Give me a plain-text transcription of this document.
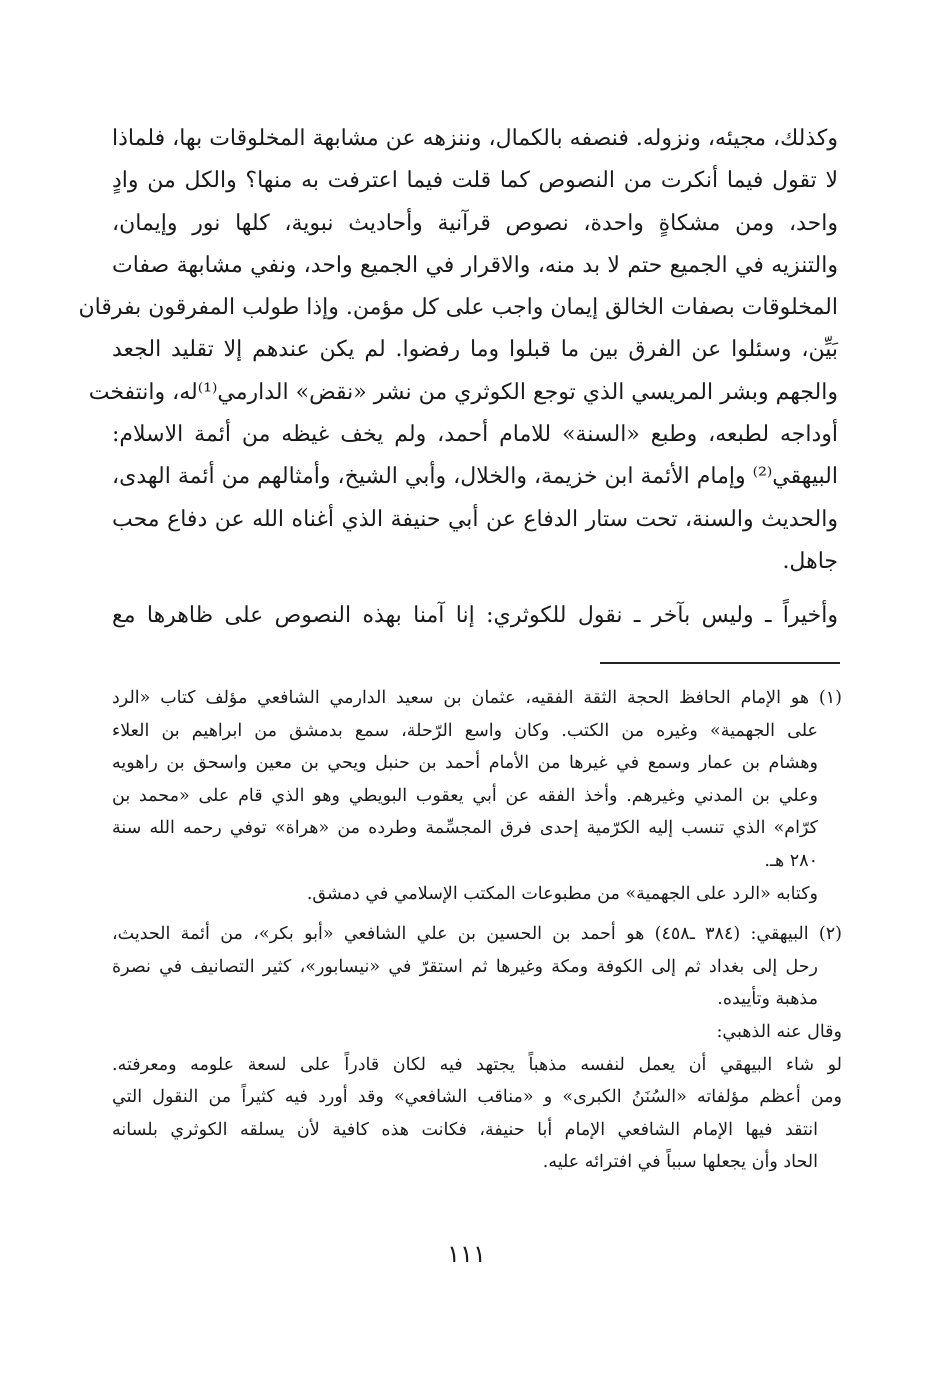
وكذلك، مجيئه، ونزوله. فنصفه بالكمال، وننزهه عن مشابهة المخلوقات بها، فلماذا
لا تقول فيما أنكرت من النصوص كما قلت فيما اعترفت به منها؟ والكل من وادٍ
واحد، ومن مشكاةٍ واحدة، نصوص قرآنية وأحاديث نبوية، كلها نور وإيمان،
والتنزيه في الجميع حتم لا بد منه، والاقرار في الجميع واحد، ونفي مشابهة صفات
المخلوقات بصفات الخالق إيمان واجب على كل مؤمن. وإذا طولب المفرقون بفرقان
بَيِّن، وسئلوا عن الفرق بين ما قبلوا وما رفضوا. لم يكن عندهم إلا تقليد الجعد
والجهم وبشر المريسي الذي توجع الكوثري من نشر «نقض» الدارمي⁽¹⁾له، وانتفخت
أوداجه لطبعه، وطبع «السنة» للامام أحمد، ولم يخف غيظه من أئمة الاسلام:
البيهقي⁽²⁾ وإمام الأئمة ابن خزيمة، والخلال، وأبي الشيخ، وأمثالهم من أئمة الهدى،
والحديث والسنة، تحت ستار الدفاع عن أبي حنيفة الذي أغناه الله عن دفاع محب
جاهل.
وأخيراً ـ وليس بآخر ـ نقول للكوثري: إنا آمنا بهذه النصوص على ظاهرها مع
(١) هو الإمام الحافظ الحجة الثقة الفقيه، عثمان بن سعيد الدارمي الشافعي مؤلف كتاب «الرد
على الجهمية» وغيره من الكتب. وكان واسع الرّحلة، سمع بدمشق من ابراهيم بن العلاء
وهشام بن عمار وسمع في غيرها من الأمام أحمد بن حنبل ويحي بن معين واسحق بن راهويه
وعلي بن المدني وغيرهم. وأخذ الفقه عن أبي يعقوب البويطي وهو الذي قام على «محمد بن
كرّام» الذي تنسب إليه الكرّمية إحدى فرق المجسِّمة وطرده من «هراة» توفي رحمه الله سنة
٢٨٠ هـ.
وكتابه «الرد على الجهمية» من مطبوعات المكتب الإسلامي في دمشق.
(٢) البيهقي: (٣٨٤ ـ٤٥٨) هو أحمد بن الحسين بن علي الشافعي «أبو بكر»، من أئمة الحديث،
رحل إلى بغداد ثم إلى الكوفة ومكة وغيرها ثم استقرّ في «نيسابور»، كثير التصانيف في نصرة
مذهبة وتأييده.
وقال عنه الذهبي:
لو شاء البيهقي أن يعمل لنفسه مذهباً يجتهد فيه لكان قادراً على لسعة علومه ومعرفته.
ومن أعظم مؤلفاته «السُنَنُ الكبرى» و «مناقب الشافعي» وقد أورد فيه كثيراً من النقول التي
انتقد فيها الإمام الشافعي الإمام أبا حنيفة، فكانت هذه كافية لأن يسلقه الكوثري بلسانه
الحاد وأن يجعلها سبباً في افترائه عليه.
١١١
